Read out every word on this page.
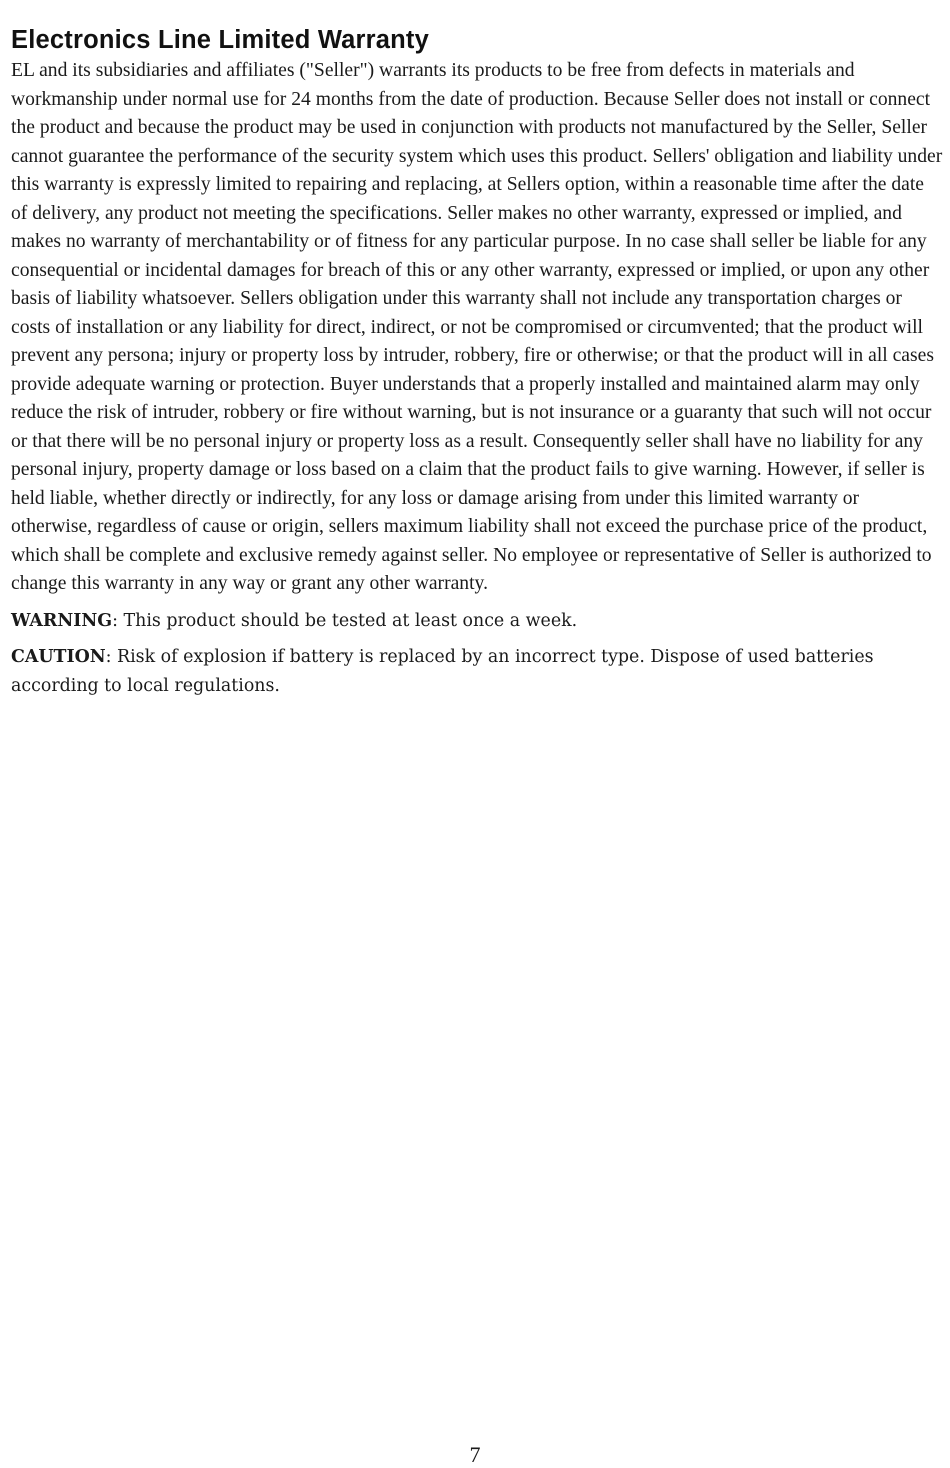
Electronics Line Limited Warranty

EL and its subsidiaries and affiliates ("Seller") warrants its products to be free from defects in materials and workmanship under normal use for 24 months from the date of production. Because Seller does not install or connect the product and because the product may be used in conjunction with products not manufactured by the Seller, Seller cannot guarantee the performance of the security system which uses this product. Sellers' obligation and liability under this warranty is expressly limited to repairing and replacing, at Sellers option, within a reasonable time after the date of delivery, any product not meeting the specifications. Seller makes no other warranty, expressed or implied, and makes no warranty of merchantability or of fitness for any particular purpose. In no case shall seller be liable for any consequential or incidental damages for breach of this or any other warranty, expressed or implied, or upon any other basis of liability whatsoever. Sellers obligation under this warranty shall not include any transportation charges or costs of installation or any liability for direct, indirect, or not be compromised or circumvented; that the product will prevent any persona; injury or property loss by intruder, robbery, fire or otherwise; or that the product will in all cases provide adequate warning or protection. Buyer understands that a properly installed and maintained alarm may only reduce the risk of intruder, robbery or fire without warning, but is not insurance or a guaranty that such will not occur or that there will be no personal injury or property loss as a result. Consequently seller shall have no liability for any personal injury, property damage or loss based on a claim that the product fails to give warning. However, if seller is held liable, whether directly or indirectly, for any loss or damage arising from under this limited warranty or otherwise, regardless of cause or origin, sellers maximum liability shall not exceed the purchase price of the product, which shall be complete and exclusive remedy against seller. No employee or representative of Seller is authorized to change this warranty in any way or grant any other warranty.

WARNING: This product should be tested at least once a week.

CAUTION: Risk of explosion if battery is replaced by an incorrect type. Dispose of used batteries according to local regulations.

7
